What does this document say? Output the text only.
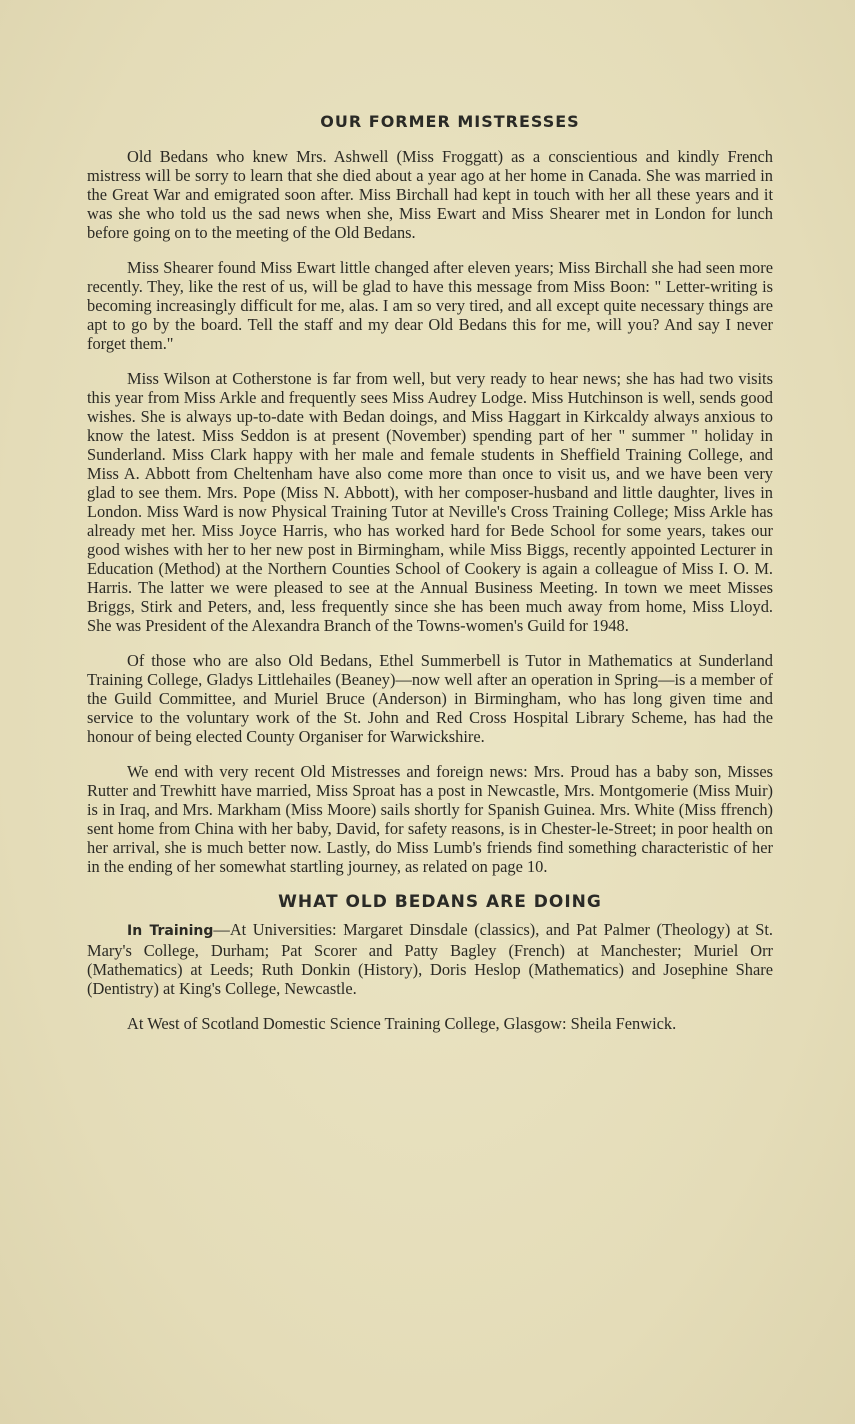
OUR FORMER MISTRESSES

Old Bedans who knew Mrs. Ashwell (Miss Froggatt) as a conscientious and kindly French mistress will be sorry to learn that she died about a year ago at her home in Canada. She was married in the Great War and emigrated soon after. Miss Birchall had kept in touch with her all these years and it was she who told us the sad news when she, Miss Ewart and Miss Shearer met in London for lunch before going on to the meeting of the Old Bedans.

Miss Shearer found Miss Ewart little changed after eleven years; Miss Birchall she had seen more recently. They, like the rest of us, will be glad to have this message from Miss Boon: " Letter-writing is becoming increasingly difficult for me, alas. I am so very tired, and all except quite necessary things are apt to go by the board. Tell the staff and my dear Old Bedans this for me, will you? And say I never forget them."

Miss Wilson at Cotherstone is far from well, but very ready to hear news; she has had two visits this year from Miss Arkle and frequently sees Miss Audrey Lodge. Miss Hutchinson is well, sends good wishes. She is always up-to-date with Bedan doings, and Miss Haggart in Kirkcaldy always anxious to know the latest. Miss Seddon is at present (November) spending part of her " summer " holiday in Sunderland. Miss Clark happy with her male and female students in Sheffield Training College, and Miss A. Abbott from Cheltenham have also come more than once to visit us, and we have been very glad to see them. Mrs. Pope (Miss N. Abbott), with her composer-husband and little daughter, lives in London. Miss Ward is now Physical Training Tutor at Neville's Cross Training College; Miss Arkle has already met her. Miss Joyce Harris, who has worked hard for Bede School for some years, takes our good wishes with her to her new post in Birmingham, while Miss Biggs, recently appointed Lecturer in Education (Method) at the Northern Counties School of Cookery is again a colleague of Miss I. O. M. Harris. The latter we were pleased to see at the Annual Business Meeting. In town we meet Misses Briggs, Stirk and Peters, and, less frequently since she has been much away from home, Miss Lloyd. She was President of the Alexandra Branch of the Towns-women's Guild for 1948.

Of those who are also Old Bedans, Ethel Summerbell is Tutor in Mathematics at Sunderland Training College, Gladys Littlehailes (Beaney)—now well after an operation in Spring—is a member of the Guild Committee, and Muriel Bruce (Anderson) in Birmingham, who has long given time and service to the voluntary work of the St. John and Red Cross Hospital Library Scheme, has had the honour of being elected County Organiser for Warwickshire.

We end with very recent Old Mistresses and foreign news: Mrs. Proud has a baby son, Misses Rutter and Trewhitt have married, Miss Sproat has a post in Newcastle, Mrs. Montgomerie (Miss Muir) is in Iraq, and Mrs. Markham (Miss Moore) sails shortly for Spanish Guinea. Mrs. White (Miss ffrench) sent home from China with her baby, David, for safety reasons, is in Chester-le-Street; in poor health on her arrival, she is much better now. Lastly, do Miss Lumb's friends find something characteristic of her in the ending of her somewhat startling journey, as related on page 10.

WHAT OLD BEDANS ARE DOING

In Training—At Universities: Margaret Dinsdale (classics), and Pat Palmer (Theology) at St. Mary's College, Durham; Pat Scorer and Patty Bagley (French) at Manchester; Muriel Orr (Mathematics) at Leeds; Ruth Donkin (History), Doris Heslop (Mathematics) and Josephine Share (Dentistry) at King's College, Newcastle.

At West of Scotland Domestic Science Training College, Glasgow: Sheila Fenwick.
